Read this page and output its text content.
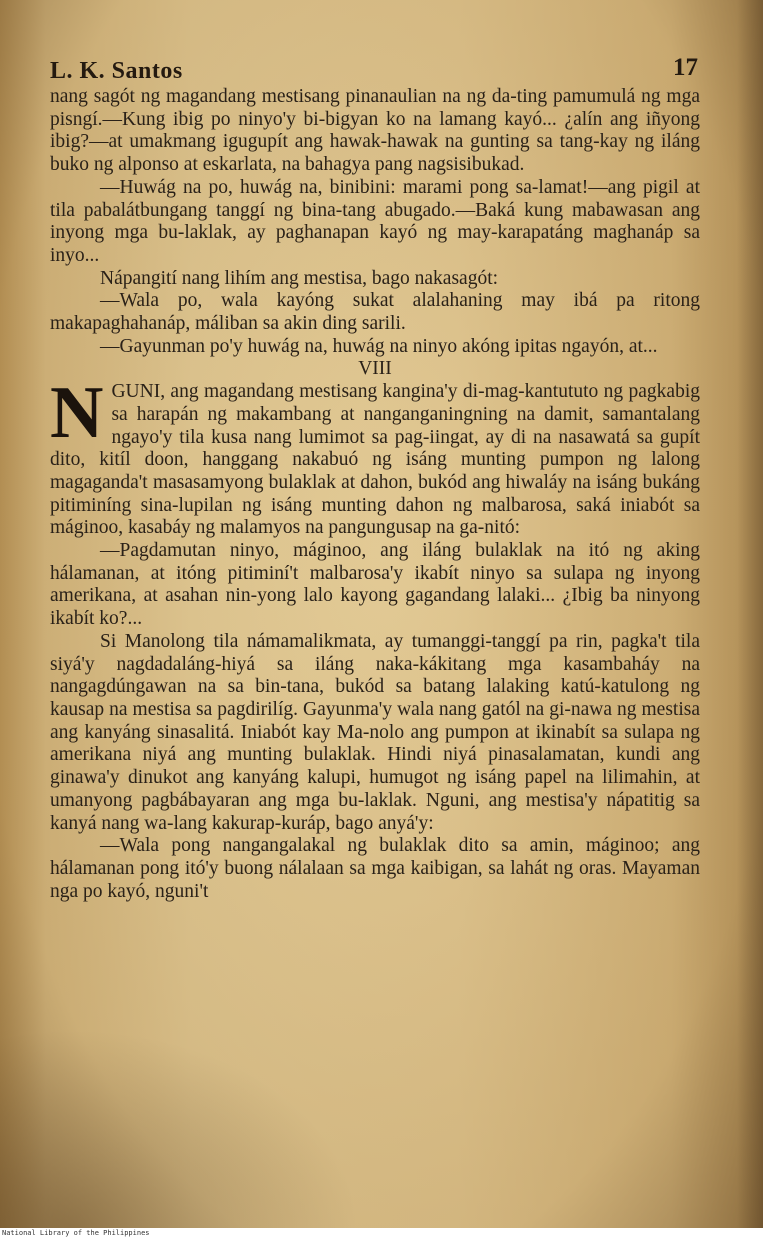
L. K. Santos	17

nang sagót ng magandang mestisang pinanaulian na ng da-ting pamumulá ng mga pisngí.—Kung ibig po ninyo'y bi-bigyan ko na lamang kayó... ¿alín ang iñyong ibig?—at umakmang igugupít ang hawak-hawak na gunting sa tang-kay ng iláng buko ng alponso at eskarlata, na bahagya pang nagsisibukad.

—Huwág na po, huwág na, binibini: marami pong sa-lamat!—ang pigil at tila pabalátbungang tanggí ng bina-tang abugado.—Baká kung mabawasan ang inyong mga bu-laklak, ay paghanapan kayó ng may-karapatáng maghanáp sa inyo...

Nápangití nang lihím ang mestisa, bago nakasagót:

—Wala po, wala kayóng sukat alalahaning may ibá pa ritong makapaghahanáp, máliban sa akin ding sarili.

—Gayunman po'y huwág na, huwág na ninyo akóng ipitas ngayón, at...

VIII

NGUNI, ang magandang mestisang kangina'y di-mag-kantututo ng pagkabig sa harapán ng makambang at nanganganingning na damit, samantalang ngayo'y tila kusa nang lumimot sa pag-iingat, ay di na nasawatá sa gupít dito, kitíl doon, hanggang nakabuó ng isáng munting pumpon ng lalong magaganda't masasamyong bulaklak at dahon, bukód ang hiwaláy na isáng bukáng pitiminíng sina-lupilan ng isáng munting dahon ng malbarosa, saká iniabót sa máginoo, kasabáy ng malamyos na pangungusap na ga-nitó:

—Pagdamutan ninyo, máginoo, ang iláng bulaklak na itó ng aking hálamanan, at itóng pitiminí't malbarosa'y ikabít ninyo sa sulapa ng inyong amerikana, at asahan nin-yong lalo kayong gagandang lalaki... ¿Ibig ba ninyong ikabít ko?...

Si Manolong tila námamalikmata, ay tumanggi-tanggí pa rin, pagka't tila siyá'y nagdadaláng-hiyá sa iláng naka-kákitang mga kasambaháy na nangagdúngawan na sa bin-tana, bukód sa batang lalaking katú-katulong ng kausap na mestisa sa pagdirilíg. Gayunma'y wala nang gatól na gi-nawa ng mestisa ang kanyáng sinasalitá. Iniabót kay Ma-nolo ang pumpon at ikinabít sa sulapa ng amerikana niyá ang munting bulaklak. Hindi niyá pinasalamatan, kundi ang ginawa'y dinukot ang kanyáng kalupi, humugot ng isáng papel na lilimahin, at umanyong pagbábayaran ang mga bu-laklak. Nguni, ang mestisa'y nápatitig sa kanyá nang wa-lang kakurap-kuráp, bago anyá'y:

—Wala pong nangangalakal ng bulaklak dito sa amin, máginoo; ang hálamanan pong itó'y buong nálalaan sa mga kaibigan, sa lahát ng oras. Mayaman nga po kayó, nguni't

National Library of the Philippines
